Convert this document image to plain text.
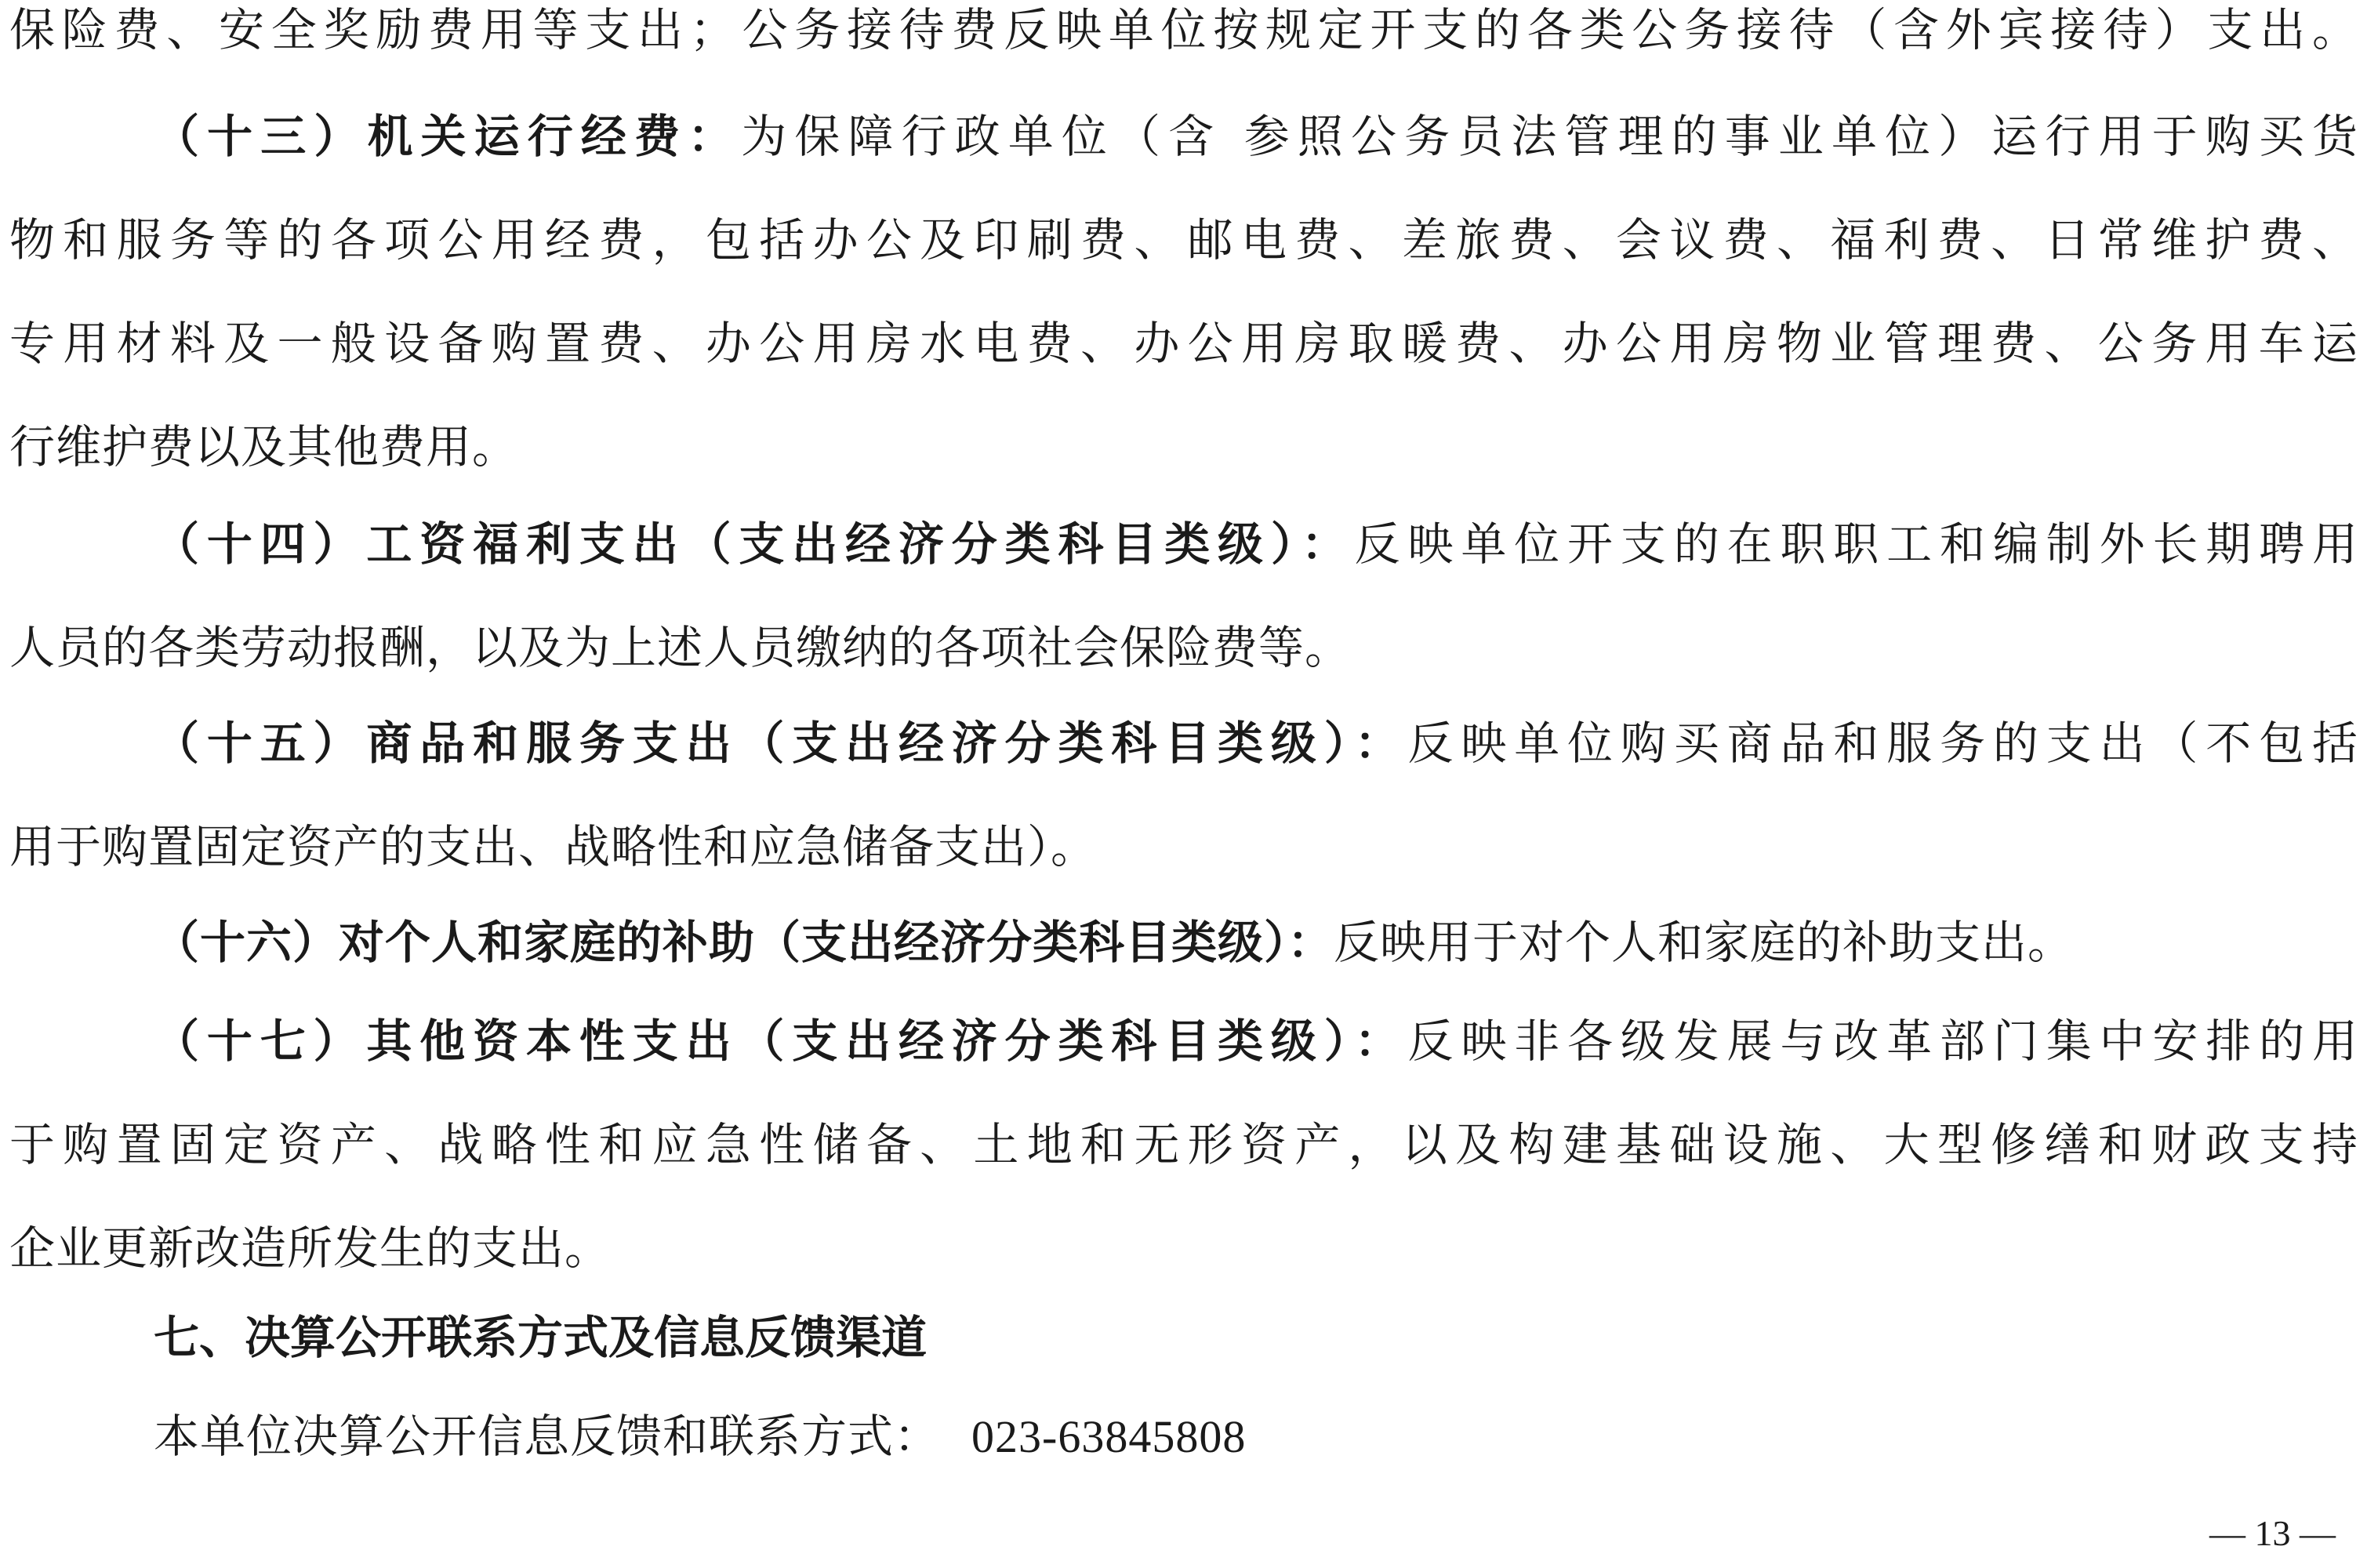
保险费、安全奖励费用等支出；公务接待费反映单位按规定开支的各类公务接待（含外宾接待）支出。
（十三）机关运行经费：为保障行政单位（含 参照公务员法管理的事业单位）运行用于购买货
物和服务等的各项公用经费，包括办公及印刷费、邮电费、差旅费、会议费、福利费、日常维护费、
专用材料及一般设备购置费、办公用房水电费、办公用房取暖费、办公用房物业管理费、公务用车运
行维护费以及其他费用。
（十四）工资福利支出（支出经济分类科目类级）：反映单位开支的在职职工和编制外长期聘用
人员的各类劳动报酬，以及为上述人员缴纳的各项社会保险费等。
（十五）商品和服务支出（支出经济分类科目类级）：反映单位购买商品和服务的支出（不包括
用于购置固定资产的支出、战略性和应急储备支出）。
（十六）对个人和家庭的补助（支出经济分类科目类级）：反映用于对个人和家庭的补助支出。
（十七）其他资本性支出（支出经济分类科目类级）：反映非各级发展与改革部门集中安排的用
于购置固定资产、战略性和应急性储备、土地和无形资产，以及构建基础设施、大型修缮和财政支持
企业更新改造所发生的支出。
七、决算公开联系方式及信息反馈渠道
本单位决算公开信息反馈和联系方式： 023-63845808
— 13 —
